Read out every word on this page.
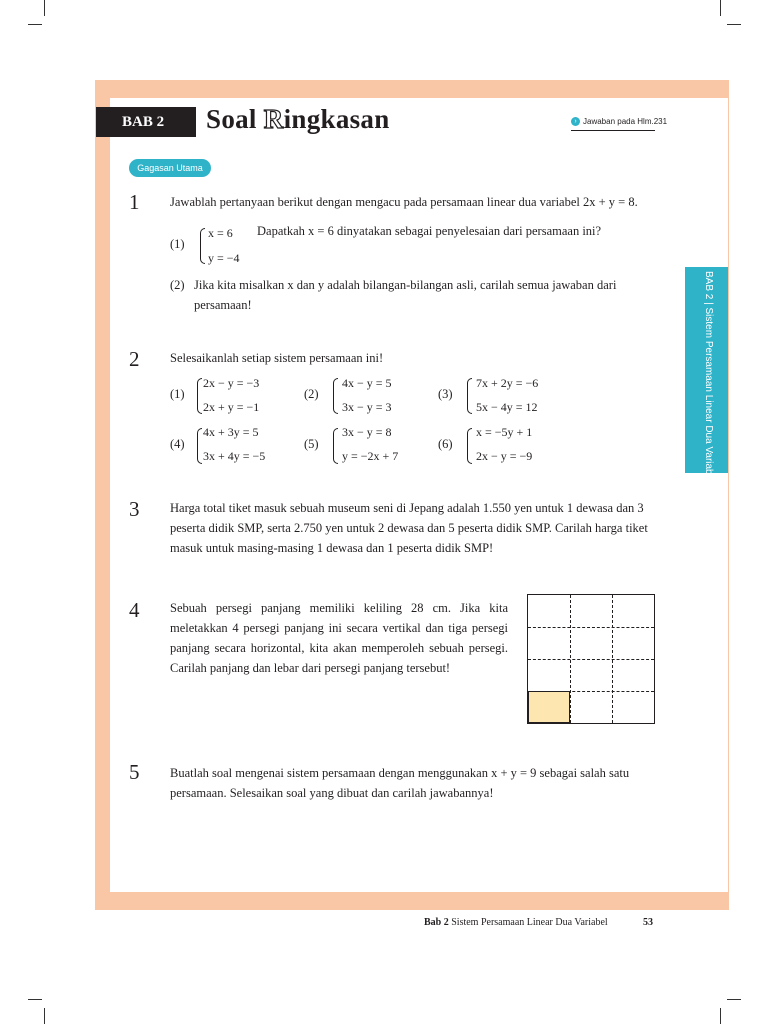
BAB 2	Soal Ringkasan	› Jawaban pada Hlm.231
Gagasan Utama
BAB 2 | Sistem Persamaan Linear Dua Variabel
1 Jawablah pertanyaan berikut dengan mengacu pada persamaan linear dua variabel 2x + y = 8.
(1)
x = 6
y = −4
Dapatkah x = 6 dinyatakan sebagai penyelesaian dari persamaan ini?
(2) Jika kita misalkan x dan y adalah bilangan-bilangan asli, carilah semua jawaban dari persamaan!
2 Selesaikanlah setiap sistem persamaan ini!
(1)
2x − y = −3
2x + y = −1
(2)
4x − y = 5
3x − y = 3
(3)
7x + 2y = −6
5x − 4y = 12
(4)
4x + 3y = 5
3x + 4y = −5
(5)
3x − y = 8
y = −2x + 7
(6)
x = −5y + 1
2x − y = −9
3 Harga total tiket masuk sebuah museum seni di Jepang adalah 1.550 yen untuk 1 dewasa dan 3 peserta didik SMP, serta 2.750 yen untuk 2 dewasa dan 5 peserta didik SMP. Carilah harga tiket masuk untuk masing-masing 1 dewasa dan 1 peserta didik SMP!
4 Sebuah persegi panjang memiliki keliling 28 cm. Jika kita meletakkan 4 persegi panjang ini secara vertikal dan tiga persegi panjang secara horizontal, kita akan memperoleh sebuah persegi. Carilah panjang dan lebar dari persegi panjang tersebut!
5 Buatlah soal mengenai sistem persamaan dengan menggunakan x + y = 9 sebagai salah satu persamaan. Selesaikan soal yang dibuat dan carilah jawabannya!
Bab 2 Sistem Persamaan Linear Dua Variabel	53
